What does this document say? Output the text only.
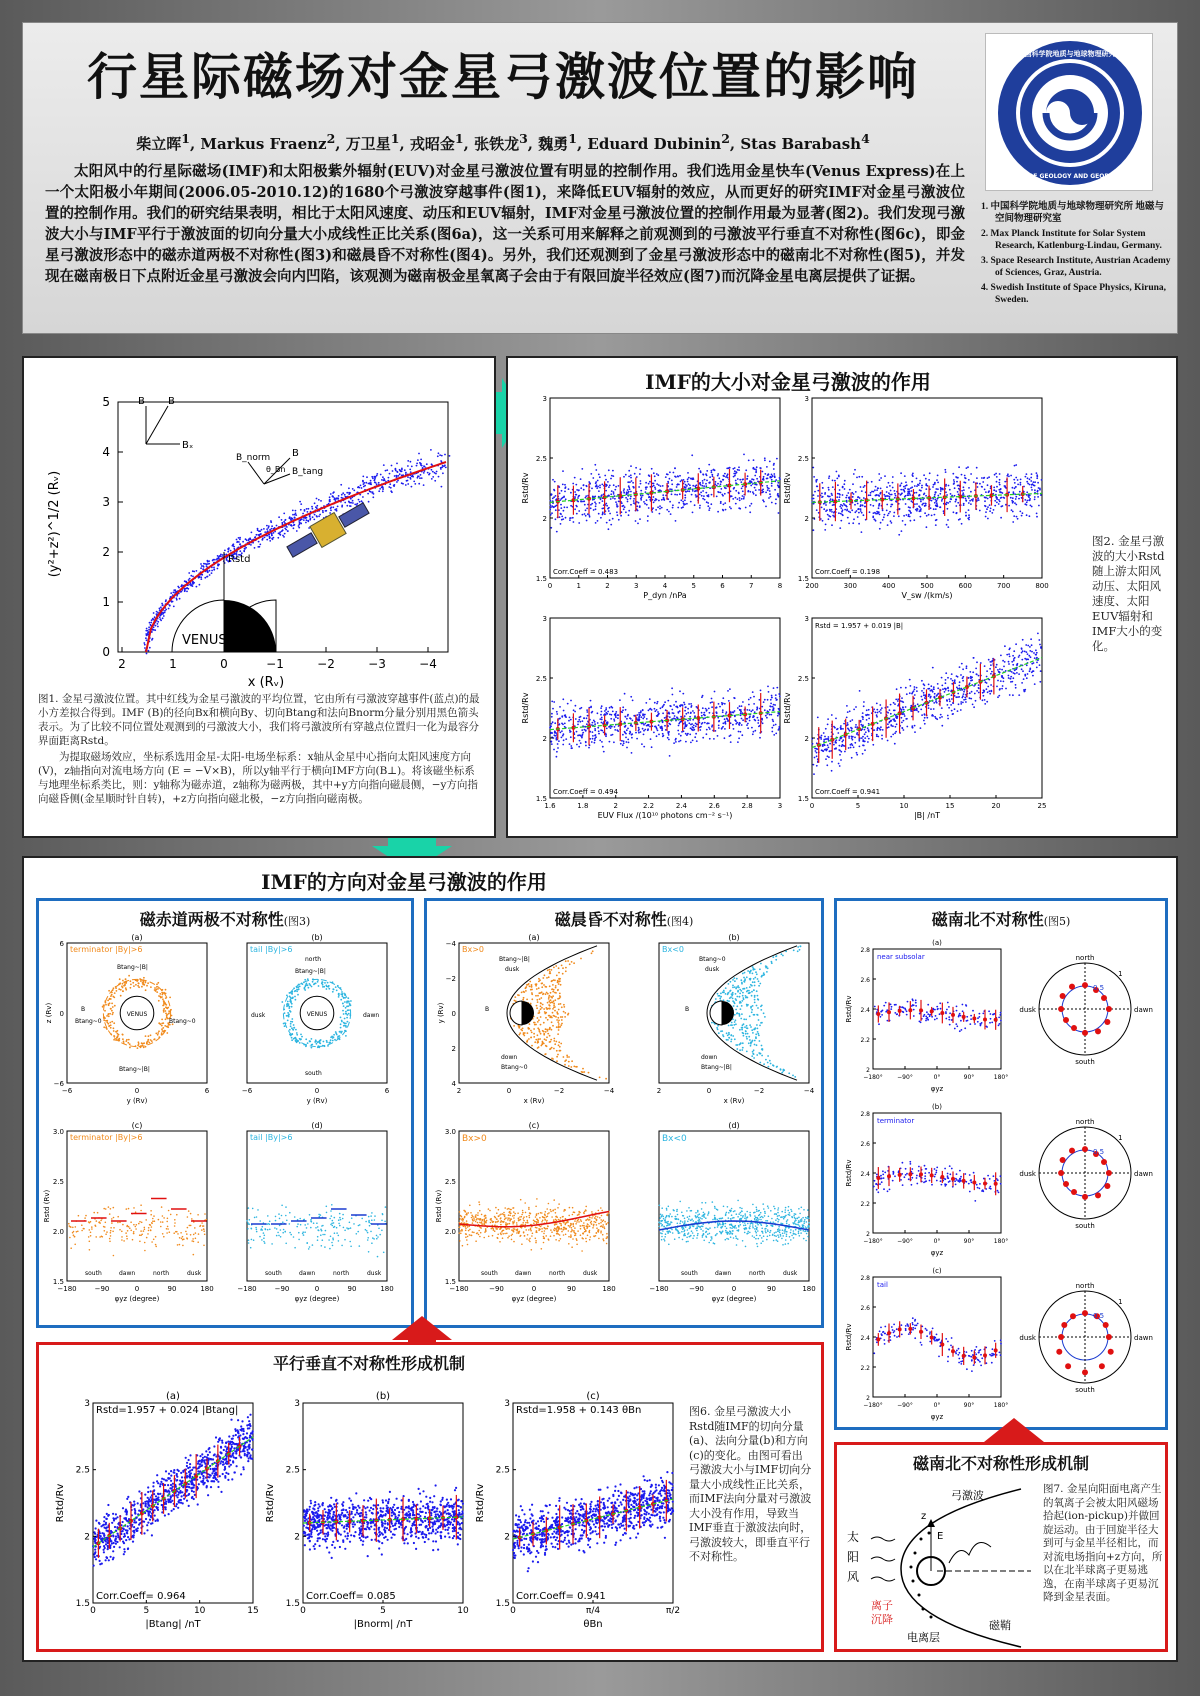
行星际磁场对金星弓激波位置的影响
柴立晖$^1$, Markus Fraenz$^2$, 万卫星$^1$, 戎昭金$^1$, 张铁龙$^3$, 魏勇$^1$, Eduard Dubinin$^2$, Stas Barabash$^4$
太阳风中的行星际磁场(IMF)和太阳极紫外辐射(EUV)对金星弓激波位置有明显的控制作用。我们选用金星快车(Venus Express)在上一个太阳极小年期间(2006.05-2010.12)的1680个弓激波穿越事件(图1)，来降低EUV辐射的效应，从而更好的研究IMF对金星弓激波位置的控制作用。我们的研究结果表明，相比于太阳风速度、动压和EUV辐射，IMF对金星弓激波位置的控制作用最为显著(图2)。我们发现弓激波大小与IMF平行于激波面的切向分量大小成线性正比关系(图6a)，这一关系可用来解释之前观测到的弓激波平行垂直不对称性(图6c)，即金星弓激波形态中的磁赤道两极不对称性(图3)和磁晨昏不对称性(图4)。另外，我们还观测到了金星弓激波形态中的磁南北不对称性(图5)，并发现在磁南极日下点附近金星弓激波会向内凹陷，该观测为磁南极金星氧离子会由于有限回旋半径效应(图7)而沉降金星电离层提供了证据。
中国科学院地质与地球物理研究所
INSTITUTE OF GEOLOGY AND GEOPHYSICS CAS
1. 中国科学院地质与地球物理研究所 地磁与空间物理研究室
2. Max Planck Institute for Solar System Research, Katlenburg-Lindau, Germany.
3. Space Research Institute, Austrian Academy of Sciences, Graz, Austria.
4. Swedish Institute of Space Physics, Kiruna, Sweden.
2	1	0	−1	−2	−3	−4
0
1
2
3
4
5
VENUS
Rstd
B B
Bₓ
B
B_norm
B_tang
θ_Bn
(y²+z²)^1/2 (Rᵥ)
x (Rᵥ)
图1. 金星弓激波位置。其中红线为金星弓激波的平均位置，它由所有弓激波穿越事件(蓝点)的最小方差拟合得到。IMF (B)的径向Bx和横向By、切向Btang和法向Bnorm分量分别用黑色箭头表示。为了比较不同位置处观测到的弓激波大小，我们将弓激波所有穿越点位置归一化为最容分界面距离Rstd。
为提取磁场效应，坐标系选用金星-太阳-电场坐标系：x轴从金星中心指向太阳风速度方向 (V)，z轴指向对流电场方向 (E = −V×B)，所以y轴平行于横向IMF方向(B⊥)。将该磁坐标系与地理坐标系类比，则：y轴称为磁赤道，z轴称为磁两极，其中+y方向指向磁晨侧，−y方向指向磁昏侧(金星顺时针自转)，+z方向指向磁北极，−z方向指向磁南极。
IMF的大小对金星弓激波的作用
0	1	2	3	4	5	6	7	8
1.5
2
2.5
3
P_dyn /nPa
Rstd/Rv
Corr.Coeff = 0.483
200	300	400	500	600	700	800
1.5
2
2.5
3
V_sw /(km/s)
Rstd/Rv
Corr.Coeff = 0.198
1.6	1.8	2	2.2	2.4	2.6	2.8	3
1.5
2
2.5
3
EUV Flux /(10¹⁰ photons cm⁻² s⁻¹)
Rstd/Rv
Corr.Coeff = 0.494
0	5	10	15	20	25
1.5
2
2.5
3
|B| /nT
Rstd/Rv
Corr.Coeff = 0.941
Rstd = 1.957 + 0.019 |B|
图2. 金星弓激波的大小Rstd随上游太阳风动压、太阳风速度、太阳EUV辐射和IMF大小的变化。
IMF的方向对金星弓激波的作用
磁赤道两极不对称性(图3)
VENUS
−6	0	6
−6
0
6
y (Rv)
z (Rv)
terminator |By|>6
(a)
Btang~|B|
B
Btang~0	Btang~0
Btang~|B|
VENUS
−6	0	6
y (Rv)
tail |By|>6
(b)
north
Btang~|B|
dusk	dawn
south
−180	−90	0	90	180
1.5
2.0
2.5
3.0
south	dawn	north	dusk
φyz (degree)
Rstd (Rv)
terminator |By|>6
(c)
−180	−90	0	90	180
south	dawn	north	dusk
φyz (degree)
tail |By|>6
(d)
磁晨昏不对称性(图4)
2	0	−2	−4
4
2
0
−2
−4
x (Rv)
y (Rv)
Bx>0
(a)
Btang~|B|
dusk
B
down
Btang~0
2	0	−2	−4
x (Rv)
Bx<0
(b)
Btang~0
dusk
B
down
Btang~|B|
−180	−90	0	90	180
1.5
2.0
2.5
3.0
south	dawn	north	dusk
φyz (degree)
Rstd (Rv)
Bx>0
(c)
−180	−90	0	90	180
south	dawn	north	dusk
φyz (degree)
Bx<0
(d)
磁南北不对称性(图5)
−180° −90°	0°	90°	180°
2
2.2
2.4
2.6
2.8
φyz
Rstd/Rv
(a)
near subsolar	north
south
dusk	dawn
0.5
1
−180° −90°	0°	90°	180°
2
2.2
2.4
2.6
2.8
φyz
Rstd/Rv
(b)
terminator	north
south
dusk	dawn
0.5
1
−180° −90°	0°	90°	180°
2
2.2
2.4
2.6
2.8
φyz
Rstd/Rv
(c)
tail	north
south
dusk	dawn
0.5
1
平行垂直不对称性形成机制
0	5	10	15
1.5
2
2.5
3
|Btang| /nT
Rstd/Rv
Corr.Coeff= 0.964
Rstd=1.957 + 0.024 |Btang|
(a)
0	5	10
1.5
2
2.5
3
|Bnorm| /nT
Rstd/Rv
Corr.Coeff= 0.085
(b)
0	π/4	π/2
1.5
2
2.5
3
θBn
Rstd/Rv
Corr.Coeff= 0.941
Rstd=1.958 + 0.143 θBn
(c)
图6. 金星弓激波大小Rstd随IMF的切向分量(a)、法向分量(b)和方向(c)的变化。由图可看出弓激波大小与IMF切向分量大小成线性正比关系，而IMF法向分量对弓激波大小没有作用，导致当IMF垂直于激波法向时，弓激波较大，即垂直平行不对称性。
磁南北不对称性形成机制
弓激波
太
阳
风
离子
沉降
电离层
磁鞘
z
E
图7. 金星向阳面电离产生的氧离子会被太阳风磁场拾起(ion-pickup)并做回旋运动。由于回旋半径大到可与金星半径相比，而对流电场指向+z方向，所以在北半球离子更易逃逸，在南半球离子更易沉降到金星表面。
